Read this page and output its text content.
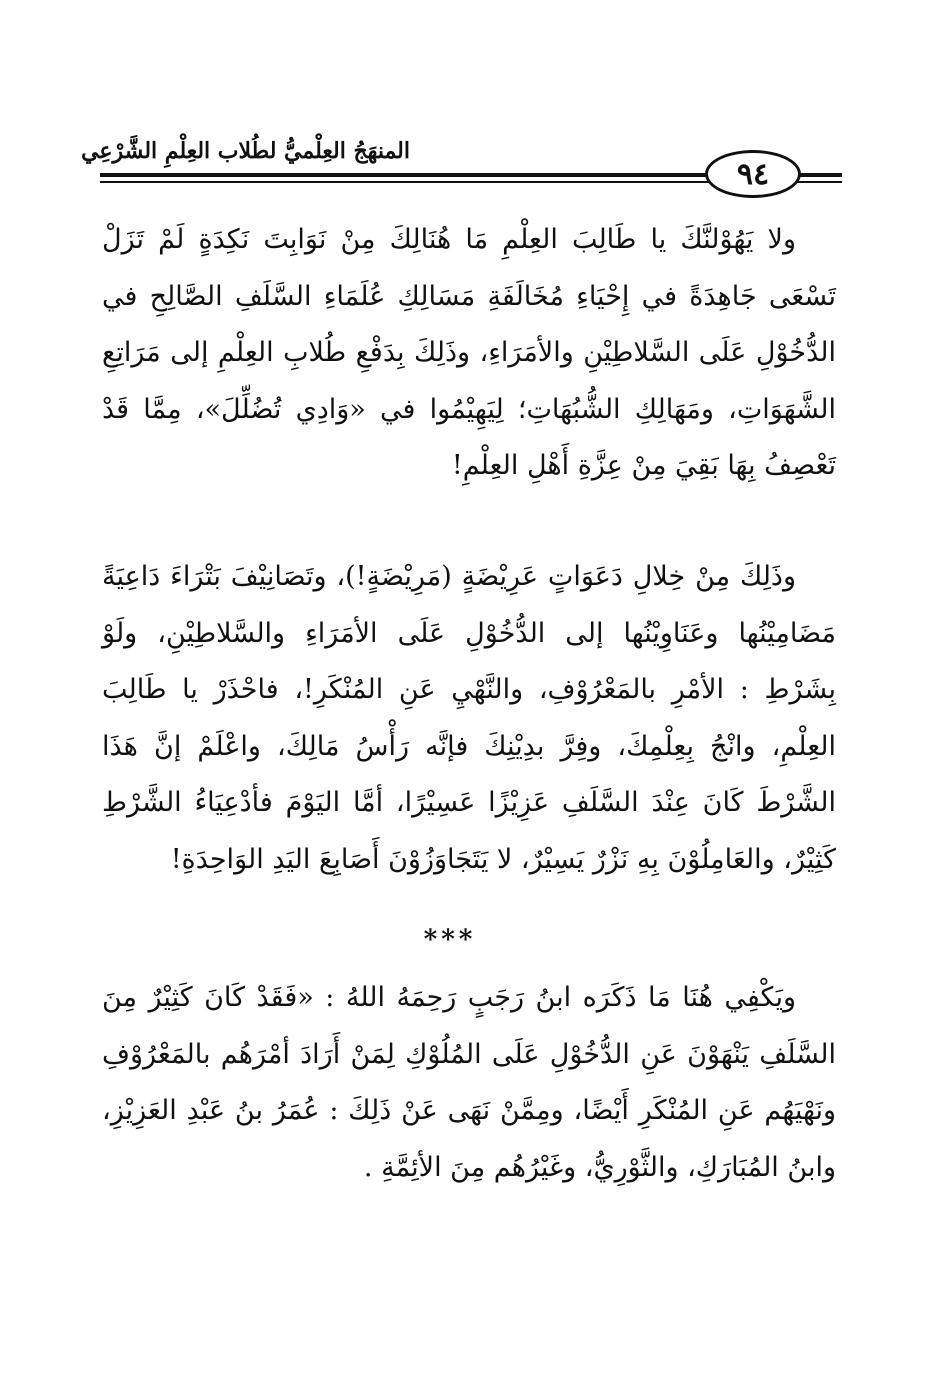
المنهَجُ العِلْميُّ لطُلاب العِلْمِ الشَّرْعِي
٩٤

ولا يَهُوْلنَّكَ يا طَالِبَ العِلْمِ مَا هُنَالِكَ مِنْ نَوَابِتَ نَكِدَةٍ لَمْ تَزَلْ تَسْعَى جَاهِدَةً في إِحْيَاءِ مُخَالَفَةِ مَسَالِكِ عُلَمَاءِ السَّلَفِ الصَّالِحِ في الدُّخُوْلِ عَلَى السَّلاطِيْنِ والأمَرَاءِ، وذَلِكَ بِدَفْعِ طُلابِ العِلْمِ إلى مَرَاتِعِ الشَّهَوَاتِ، ومَهَالِكِ الشُّبُهَاتِ؛ لِيَهِيْمُوا في «وَادِي تُضُلِّلَ»، مِمَّا قَدْ تَعْصِفُ بِهَا بَقِيَ مِنْ عِزَّةِ أَهْلِ العِلْمِ!

وذَلِكَ مِنْ خِلالِ دَعَوَاتٍ عَرِيْضَةٍ (مَرِيْضَةٍ!)، وتَصَانِيْفَ بَتْرَاءَ دَاعِيَةً مَضَامِيْنُها وعَنَاوِيْنُها إلى الدُّخُوْلِ عَلَى الأمَرَاءِ والسَّلاطِيْنِ، ولَوْ بِشَرْطِ : الأمْرِ بالمَعْرُوْفِ، والنَّهْيِ عَنِ المُنْكَرِ!، فاحْذَرْ يا طَالِبَ العِلْمِ، وانْجُ بِعِلْمِكَ، وفِرَّ بدِيْنِكَ فإنَّه رَأْسُ مَالِكَ، واعْلَمْ إنَّ هَذَا الشَّرْطَ كَانَ عِنْدَ السَّلَفِ عَزِيْزًا عَسِيْرًا، أمَّا اليَوْمَ فأدْعِيَاءُ الشَّرْطِ كَثِيْرٌ، والعَامِلُوْنَ بِهِ نَزْرٌ يَسِيْرٌ، لا يَتَجَاوَزُوْنَ أَصَابِعَ اليَدِ الوَاحِدَةِ!

***

ويَكْفِي هُنَا مَا ذَكَرَه ابنُ رَجَبٍ رَحِمَهُ اللهُ : «فَقَدْ كَانَ كَثِيْرٌ مِنَ السَّلَفِ يَنْهَوْنَ عَنِ الدُّخُوْلِ عَلَى المُلُوْكِ لِمَنْ أَرَادَ أمْرَهُم بالمَعْرُوْفِ ونَهْيَهُم عَنِ المُنْكَرِ أَيْضًا، ومِمَّنْ نَهَى عَنْ ذَلِكَ : عُمَرُ بنُ عَبْدِ العَزِيْزِ، وابنُ المُبَارَكِ، والثَّوْرِيُّ، وغَيْرُهُم مِنَ الأئِمَّةِ .
